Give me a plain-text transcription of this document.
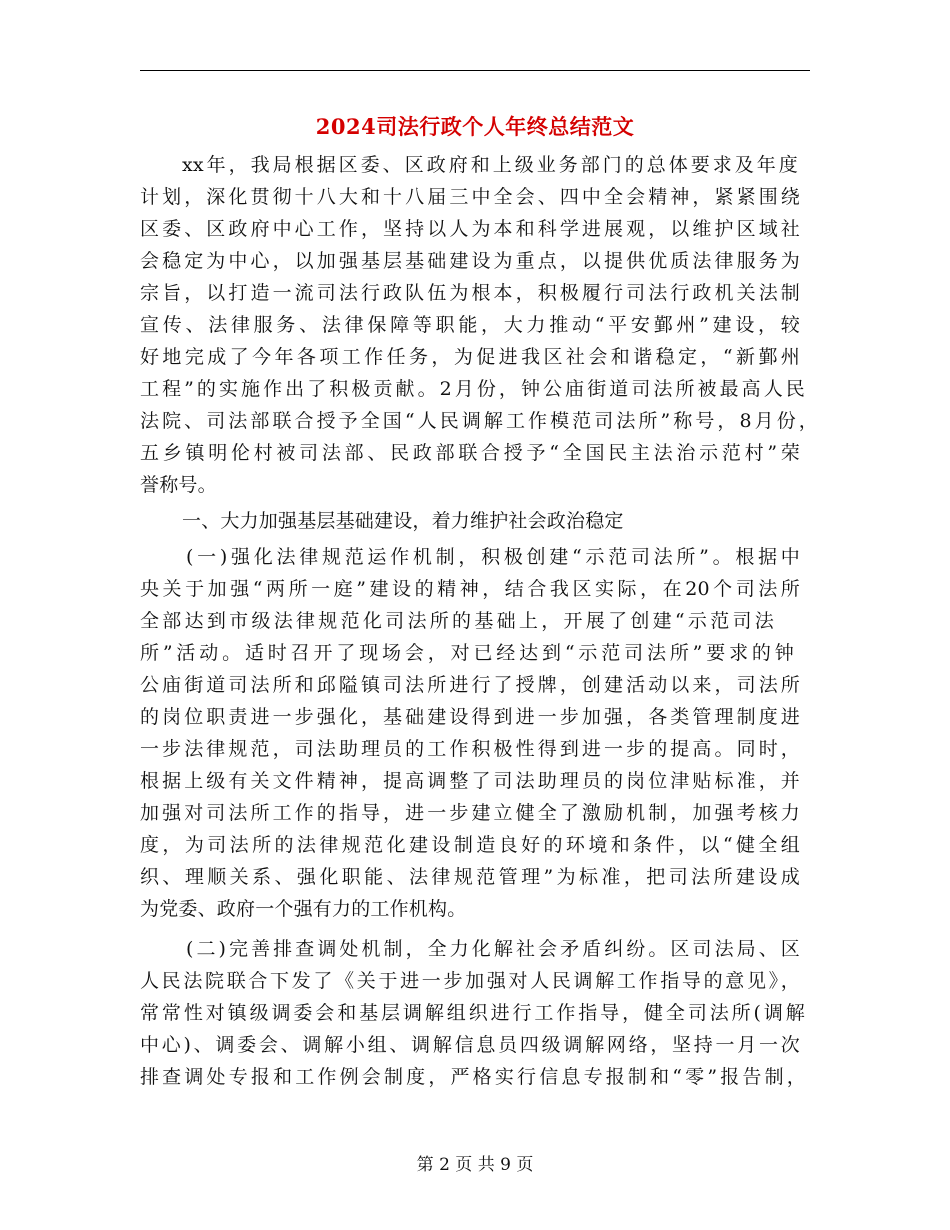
2024司法行政个人年终总结范文
xx年，我局根据区委、区政府和上级业务部门的总体要求及年度
计划，深化贯彻十八大和十八届三中全会、四中全会精神，紧紧围绕
区委、区政府中心工作，坚持以人为本和科学进展观，以维护区域社
会稳定为中心，以加强基层基础建设为重点，以提供优质法律服务为
宗旨，以打造一流司法行政队伍为根本，积极履行司法行政机关法制
宣传、法律服务、法律保障等职能，大力推动“平安鄞州”建设，较
好地完成了今年各项工作任务，为促进我区社会和谐稳定，“新鄞州
工程”的实施作出了积极贡献。2月份，钟公庙街道司法所被最高人民
法院、司法部联合授予全国“人民调解工作模范司法所”称号，8月份，
五乡镇明伦村被司法部、民政部联合授予“全国民主法治示范村”荣
誉称号。
一、大力加强基层基础建设，着力维护社会政治稳定
(一)强化法律规范运作机制，积极创建“示范司法所”。根据中
央关于加强“两所一庭”建设的精神，结合我区实际，在20个司法所
全部达到市级法律规范化司法所的基础上，开展了创建“示范司法
所”活动。适时召开了现场会，对已经达到“示范司法所”要求的钟
公庙街道司法所和邱隘镇司法所进行了授牌，创建活动以来，司法所
的岗位职责进一步强化，基础建设得到进一步加强，各类管理制度进
一步法律规范，司法助理员的工作积极性得到进一步的提高。同时，
根据上级有关文件精神，提高调整了司法助理员的岗位津贴标准，并
加强对司法所工作的指导，进一步建立健全了激励机制，加强考核力
度，为司法所的法律规范化建设制造良好的环境和条件，以“健全组
织、理顺关系、强化职能、法律规范管理”为标准，把司法所建设成
为党委、政府一个强有力的工作机构。
(二)完善排查调处机制，全力化解社会矛盾纠纷。区司法局、区
人民法院联合下发了《关于进一步加强对人民调解工作指导的意见》，
常常性对镇级调委会和基层调解组织进行工作指导，健全司法所(调解
中心)、调委会、调解小组、调解信息员四级调解网络，坚持一月一次
排查调处专报和工作例会制度，严格实行信息专报制和“零”报告制，
第 2 页 共 9 页
